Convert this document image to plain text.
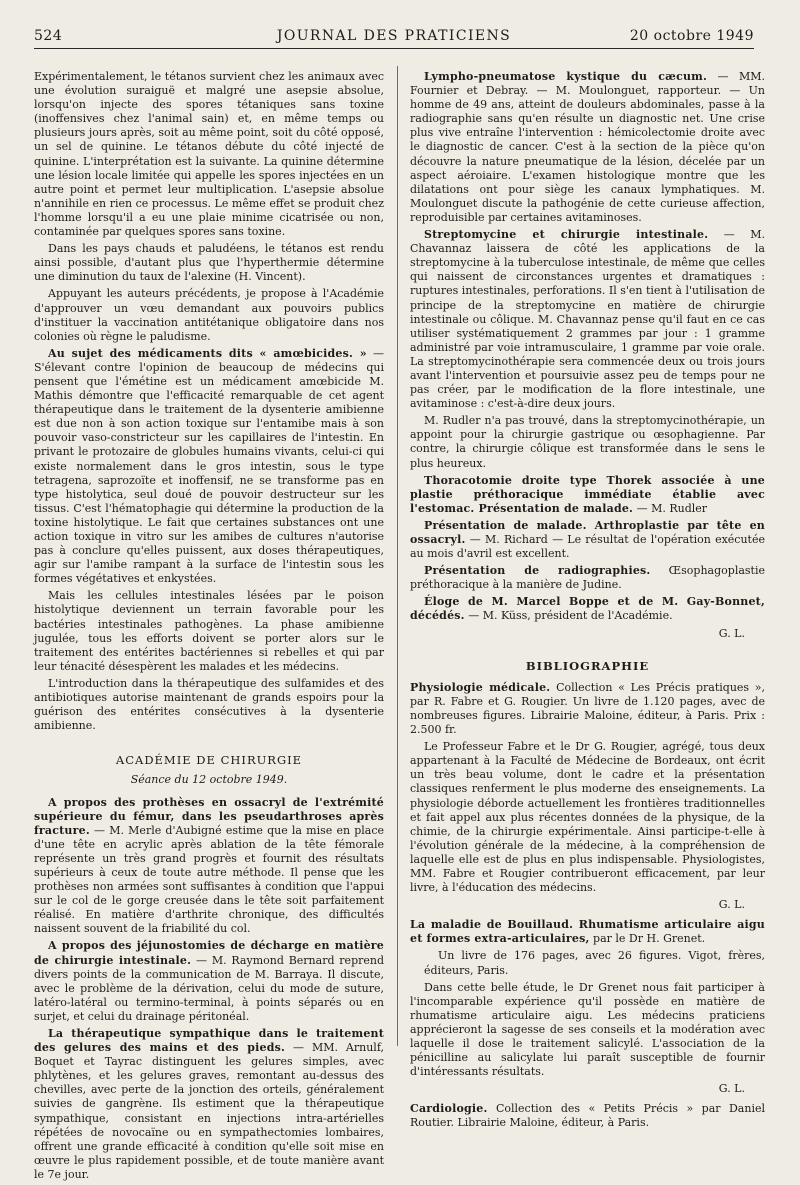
524	JOURNAL DES PRATICIENS	20 octobre 1949

Expérimentalement, le tétanos survient chez les animaux avec une évolution suraiguë et malgré une asepsie absolue, lorsqu'on injecte des spores tétaniques sans toxine (inoffensives chez l'animal sain) et, en même temps ou plusieurs jours après, soit au même point, soit du côté opposé, un sel de quinine. Le tétanos débute du côté injecté de quinine. L'interprétation est la suivante. La quinine détermine une lésion locale limitée qui appelle les spores injectées en un autre point et permet leur multiplication. L'asepsie absolue n'annihile en rien ce processus. Le même effet se produit chez l'homme lorsqu'il a eu une plaie minime cicatrisée ou non, contaminée par quelques spores sans toxine.

Dans les pays chauds et paludéens, le tétanos est rendu ainsi possible, d'autant plus que l'hyperthermie détermine une diminution du taux de l'alexine (H. Vincent).

Appuyant les auteurs précédents, je propose à l'Académie d'approuver un vœu demandant aux pouvoirs publics d'instituer la vaccination antitétanique obligatoire dans nos colonies où règne le paludisme.

Au sujet des médicaments dits « amœbicides. » — S'élevant contre l'opinion de beaucoup de médecins qui pensent que l'émétine est un médicament amœbicide M. Mathis démontre que l'efficacité remarquable de cet agent thérapeutique dans le traitement de la dysenterie amibienne est due non à son action toxique sur l'entamibe mais à son pouvoir vaso-constricteur sur les capillaires de l'intestin. En privant le protozaire de globules humains vivants, celui-ci qui existe normalement dans le gros intestin, sous le type tetragena, saprozoïte et inoffensif, ne se transforme pas en type histolytica, seul doué de pouvoir destructeur sur les tissus. C'est l'hématophagie qui détermine la production de la toxine histolytique. Le fait que certaines substances ont une action toxique in vitro sur les amibes de cultures n'autorise pas à conclure qu'elles puissent, aux doses thérapeutiques, agir sur l'amibe rampant à la surface de l'intestin sous les formes végétatives et enkystées.

Mais les cellules intestinales lésées par le poison histolytique deviennent un terrain favorable pour les bactéries intestinales pathogènes. La phase amibienne jugulée, tous les efforts doivent se porter alors sur le traitement des entérites bactériennes si rebelles et qui par leur ténacité désespèrent les malades et les médecins.

L'introduction dans la thérapeutique des sulfamides et des antibiotiques autorise maintenant de grands espoirs pour la guérison des entérites consécutives à la dysenterie amibienne.

ACADÉMIE DE CHIRURGIE
Séance du 12 octobre 1949.

A propos des prothèses en ossacryl de l'extrémité supérieure du fémur, dans les pseudarthroses après fracture. — M. Merle d'Aubigné estime que la mise en place d'une tête en acrylic après ablation de la tête fémorale représente un très grand progrès et fournit des résultats supérieurs à ceux de toute autre méthode. Il pense que les prothèses non armées sont suffisantes à condition que l'appui sur le col de le gorge creusée dans le tête soit parfaitement réalisé. En matière d'arthrite chronique, des difficultés naissent souvent de la friabilité du col.

A propos des jéjunostomies de décharge en matière de chirurgie intestinale. — M. Raymond Bernard reprend divers points de la communication de M. Barraya. Il discute, avec le problème de la dérivation, celui du mode de suture, latéro-latéral ou termino-terminal, à points séparés ou en surjet, et celui du drainage péritonéal.

La thérapeutique sympathique dans le traitement des gelures des mains et des pieds. — MM. Arnulf, Boquet et Tayrac distinguent les gelures simples, avec phlytènes, et les gelures graves, remontant au-dessus des chevilles, avec perte de la jonction des orteils, généralement suivies de gangrène. Ils estiment que la thérapeutique sympathique, consistant en injections intra-artérielles répétées de novocaïne ou en sympathectomies lombaires, offrent une grande efficacité à condition qu'elle soit mise en œuvre le plus rapidement possible, et de toute manière avant le 7e jour.

Lympho-pneumatose kystique du cæcum. — MM. Fournier et Debray. — M. Moulonguet, rapporteur. — Un homme de 49 ans, atteint de douleurs abdominales, passe à la radiographie sans qu'en résulte un diagnostic net. Une crise plus vive entraîne l'intervention : hémicolectomie droite avec le diagnostic de cancer. C'est à la section de la pièce qu'on découvre la nature pneumatique de la lésion, décelée par un aspect aéroiaire. L'examen histologique montre que les dilatations ont pour siège les canaux lymphatiques. M. Moulonguet discute la pathogénie de cette curieuse affection, reproduisible par certaines avitaminoses.

Streptomycine et chirurgie intestinale. — M. Chavannaz laissera de côté les applications de la streptomycine à la tuberculose intestinale, de même que celles qui naissent de circonstances urgentes et dramatiques : ruptures intestinales, perforations. Il s'en tient à l'utilisation de principe de la streptomycine en matière de chirurgie intestinale ou côlique. M. Chavannaz pense qu'il faut en ce cas utiliser systématiquement 2 grammes par jour : 1 gramme administré par voie intramusculaire, 1 gramme par voie orale. La streptomycinothérapie sera commencée deux ou trois jours avant l'intervention et poursuivie assez peu de temps pour ne pas créer, par le modification de la flore intestinale, une avitaminose : c'est-à-dire deux jours.

M. Rudler n'a pas trouvé, dans la streptomycinothérapie, un appoint pour la chirurgie gastrique ou œsophagienne. Par contre, la chirurgie côlique est transformée dans le sens le plus heureux.

Thoracotomie droite type Thorek associée à une plastie préthoracique immédiate établie avec l'estomac. Présentation de malade. — M. Rudler

Présentation de malade. Arthroplastie par tête en ossacryl. — M. Richard — Le résultat de l'opération exécutée au mois d'avril est excellent.

Présentation de radiographies. Œsophagoplastie préthoracique à la manière de Judine.

Éloge de M. Marcel Boppe et de M. Gay-Bonnet, décédés. — M. Küss, président de l'Académie.

G. L.
BIBLIOGRAPHIE

Physiologie médicale. Collection « Les Précis pratiques », par R. Fabre et G. Rougier. Un livre de 1.120 pages, avec de nombreuses figures. Librairie Maloine, éditeur, à Paris. Prix : 2.500 fr.

Le Professeur Fabre et le Dr G. Rougier, agrégé, tous deux appartenant à la Faculté de Médecine de Bordeaux, ont écrit un très beau volume, dont le cadre et la présentation classiques renferment le plus moderne des enseignements. La physiologie déborde actuellement les frontières traditionnelles et fait appel aux plus récentes données de la physique, de la chimie, de la chirurgie expérimentale. Ainsi participe-t-elle à l'évolution générale de la médecine, à la compréhension de laquelle elle est de plus en plus indispensable. Physiologistes, MM. Fabre et Rougier contribueront efficacement, par leur livre, à l'éducation des médecins.

G. L.

La maladie de Bouillaud. Rhumatisme articulaire aigu et formes extra-articulaires, par le Dr H. Grenet.

Un livre de 176 pages, avec 26 figures. Vigot, frères, éditeurs, Paris.

Dans cette belle étude, le Dr Grenet nous fait participer à l'incomparable expérience qu'il possède en matière de rhumatisme articulaire aigu. Les médecins praticiens apprécieront la sagesse de ses conseils et la modération avec laquelle il dose le traitement salicylé. L'association de la pénicilline au salicylate lui paraît susceptible de fournir d'intéressants résultats.

G. L.

Cardiologie. Collection des « Petits Précis » par Daniel Routier. Librairie Maloine, éditeur, à Paris.
